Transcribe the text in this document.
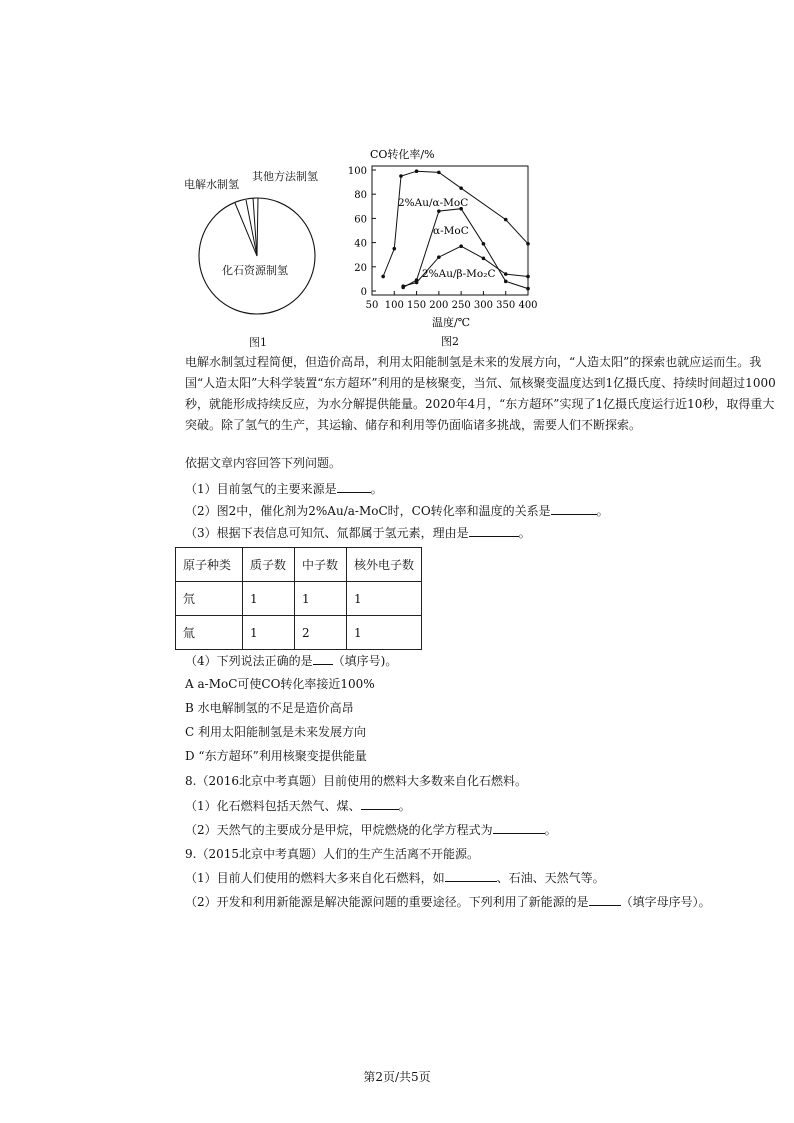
电解水制氢
其他方法制氢
化石资源制氢
图1
CO转化率/%
50 100 150 200 250 300 350 400
0
20
40
60
80
100
温度/℃
图2
2%Au/α-MoC
α-MoC
2%Au/β-Mo₂C
电解水制氢过程简便，但造价高昂，利用太阳能制氢是未来的发展方向，“人造太阳”的探索也就应运而生。我国“人造太阳”大科学装置“东方超环”利用的是核聚变，当氘、氚核聚变温度达到1亿摄氏度、持续时间超过1000秒，就能形成持续反应，为水分解提供能量。2020年4月，“东方超环”实现了1亿摄氏度运行近10秒，取得重大突破。除了氢气的生产，其运输、储存和利用等仍面临诸多挑战，需要人们不断探索。
依据文章内容回答下列问题。
（1）目前氢气的主要来源是	。
（2）图2中，催化剂为2%Au/a-MoC时，CO转化率和温度的关系是	。
（3）根据下表信息可知氘、氚都属于氢元素，理由是	。
原子种类	质子数	中子数	核外电子数
氘	1	1	1
氚	1	2	1
（4）下列说法正确的是 （填序号)。
A a-MoC可使CO转化率接近100%
B 水电解制氢的不足是造价高昂
C 利用太阳能制氢是未来发展方向
D “东方超环”利用核聚变提供能量
8.（2016北京中考真题）目前使用的燃料大多数来自化石燃料。
（1）化石燃料包括天然气、煤、	。
（2）天然气的主要成分是甲烷，甲烷燃烧的化学方程式为	。
9.（2015北京中考真题）人们的生产生活离不开能源。
（1）目前人们使用的燃料大多来自化石燃料，如	、石油、天然气等。
（2）开发和利用新能源是解决能源问题的重要途径。下列利用了新能源的是	（填字母序号）。
第2页/共5页
